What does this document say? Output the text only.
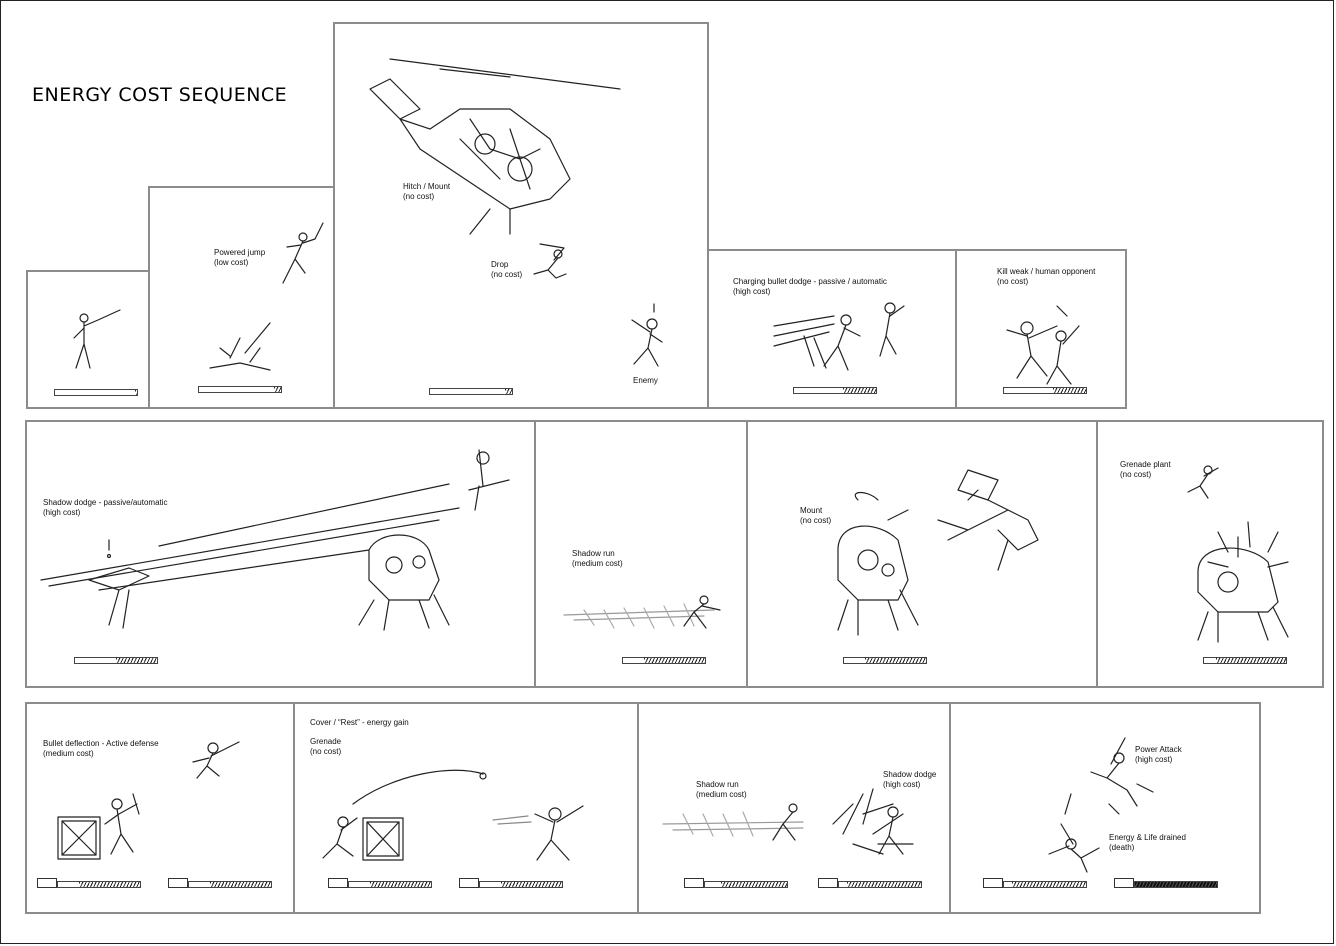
ENERGY COST SEQUENCE
Powered jump
(low cost)
Hitch / Mount
(no cost)
Drop
(no cost)
Enemy
Charging bullet dodge - passive / automatic
(high cost)
Kill weak / human opponent
(no cost)
Shadow dodge - passive/automatic
(high cost)
Shadow run
(medium cost)
Mount
(no cost)
Grenade plant
(no cost)
Bullet deflection - Active defense
(medium cost)
Cover / “Rest” - energy gain
Grenade
(no cost)
Shadow run
(medium cost)
Shadow dodge
(high cost)
Power Attack
(high cost)
Energy & Life drained
(death)
